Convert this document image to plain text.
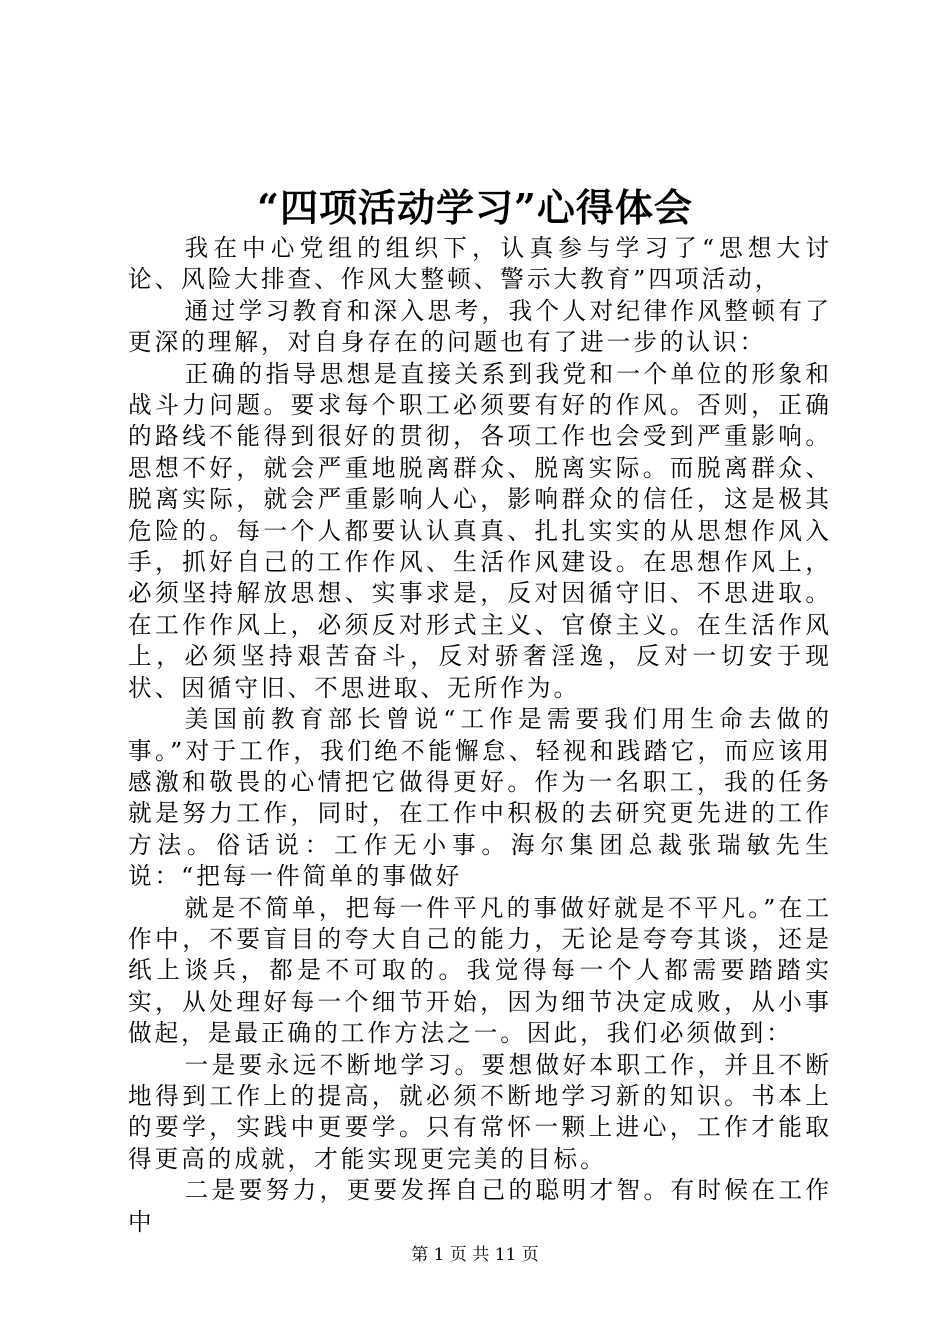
“四项活动学习”心得体会

我在中心党组的组织下，认真参与学习了“思想大讨论、风险大排查、作风大整顿、警示大教育”四项活动，

通过学习教育和深入思考，我个人对纪律作风整顿有了更深的理解，对自身存在的问题也有了进一步的认识：

正确的指导思想是直接关系到我党和一个单位的形象和战斗力问题。要求每个职工必须要有好的作风。否则，正确的路线不能得到很好的贯彻，各项工作也会受到严重影响。思想不好，就会严重地脱离群众、脱离实际。而脱离群众、脱离实际，就会严重影响人心，影响群众的信任，这是极其危险的。每一个人都要认认真真、扎扎实实的从思想作风入手，抓好自己的工作作风、生活作风建设。在思想作风上，必须坚持解放思想、实事求是，反对因循守旧、不思进取。在工作作风上，必须反对形式主义、官僚主义。在生活作风上，必须坚持艰苦奋斗，反对骄奢淫逸，反对一切安于现状、因循守旧、不思进取、无所作为。

美国前教育部长曾说“工作是需要我们用生命去做的事。”对于工作，我们绝不能懈怠、轻视和践踏它，而应该用感激和敬畏的心情把它做得更好。作为一名职工，我的任务就是努力工作，同时，在工作中积极的去研究更先进的工作方法。俗话说：工作无小事。海尔集团总裁张瑞敏先生说：“把每一件简单的事做好

就是不简单，把每一件平凡的事做好就是不平凡。”在工作中，不要盲目的夸大自己的能力，无论是夸夸其谈，还是纸上谈兵，都是不可取的。我觉得每一个人都需要踏踏实实，从处理好每一个细节开始，因为细节决定成败，从小事做起，是最正确的工作方法之一。因此，我们必须做到：

一是要永远不断地学习。要想做好本职工作，并且不断地得到工作上的提高，就必须不断地学习新的知识。书本上的要学，实践中更要学。只有常怀一颗上进心，工作才能取得更高的成就，才能实现更完美的目标。

二是要努力，更要发挥自己的聪明才智。有时候在工作中

第 1 页 共 11 页
